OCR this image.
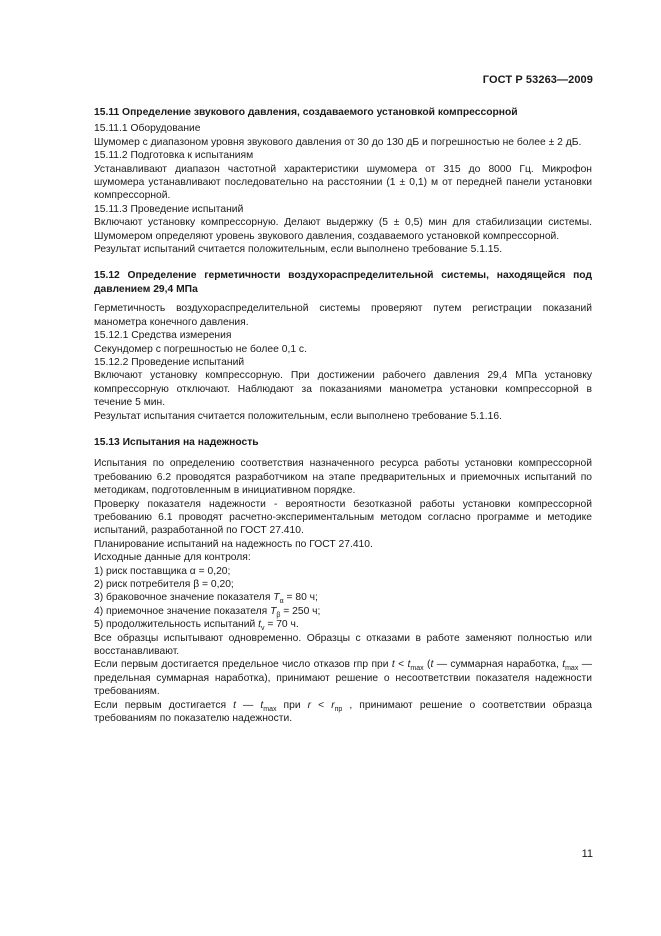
ГОСТ Р 53263—2009

15.11 Определение звукового давления, создаваемого установкой компрессорной

15.11.1 Оборудование

Шумомер с диапазоном уровня звукового давления от 30 до 130 дБ и погрешностью не более ± 2 дБ.

15.11.2 Подготовка к испытаниям

Устанавливают диапазон частотной характеристики шумомера от 315 до 8000 Гц. Микрофон шумомера устанавливают последовательно на расстоянии (1 ± 0,1) м от передней панели установки компрессорной.

15.11.3 Проведение испытаний

Включают установку компрессорную. Делают выдержку (5 ± 0,5) мин для стабилизации системы. Шумомером определяют уровень звукового давления, создаваемого установкой компрессорной.

Результат испытаний считается положительным, если выполнено требование 5.1.15.

15.12 Определение герметичности воздухораспределительной системы, находящейся под давлением 29,4 МПа

Герметичность воздухораспределительной системы проверяют путем регистрации показаний манометра конечного давления.

15.12.1 Средства измерения

Секундомер с погрешностью не более 0,1 с.

15.12.2 Проведение испытаний

Включают установку компрессорную. При достижении рабочего давления 29,4 МПа установку компрессорную отключают. Наблюдают за показаниями манометра установки компрессорной в течение 5 мин.

Результат испытания считается положительным, если выполнено требование 5.1.16.

15.13 Испытания на надежность

Испытания по определению соответствия назначенного ресурса работы установки компрессорной требованию 6.2 проводятся разработчиком на этапе предварительных и приемочных испытаний по методикам, подготовленным в инициативном порядке.

Проверку показателя надежности - вероятности безотказной работы установки компрессорной требованию 6.1 проводят расчетно-экспериментальным методом согласно программе и методике испытаний, разработанной по ГОСТ 27.410.

Планирование испытаний на надежность по ГОСТ 27.410.

Исходные данные для контроля:

1) риск поставщика α = 0,20;

2) риск потребителя β = 0,20;

3) браковочное значение показателя $T_\alpha = 80$ ч;

4) приемочное значение показателя $T_\beta = 250$ ч;

5) продолжительность испытаний $t_v = 70$ ч.

Все образцы испытывают одновременно. Образцы с отказами в работе заменяют полностью или восстанавливают.

Если первым достигается предельное число отказов rпр при $t < t_{max}$ (t — суммарная наработка, $t_{max}$ — предельная суммарная наработка), принимают решение о несоответствии показателя надежности требованиям.

Если первым достигается t — $t_{max}$ при $r < r_{пр}$ , принимают решение о соответствии образца требованиям по показателю надежности.

11
